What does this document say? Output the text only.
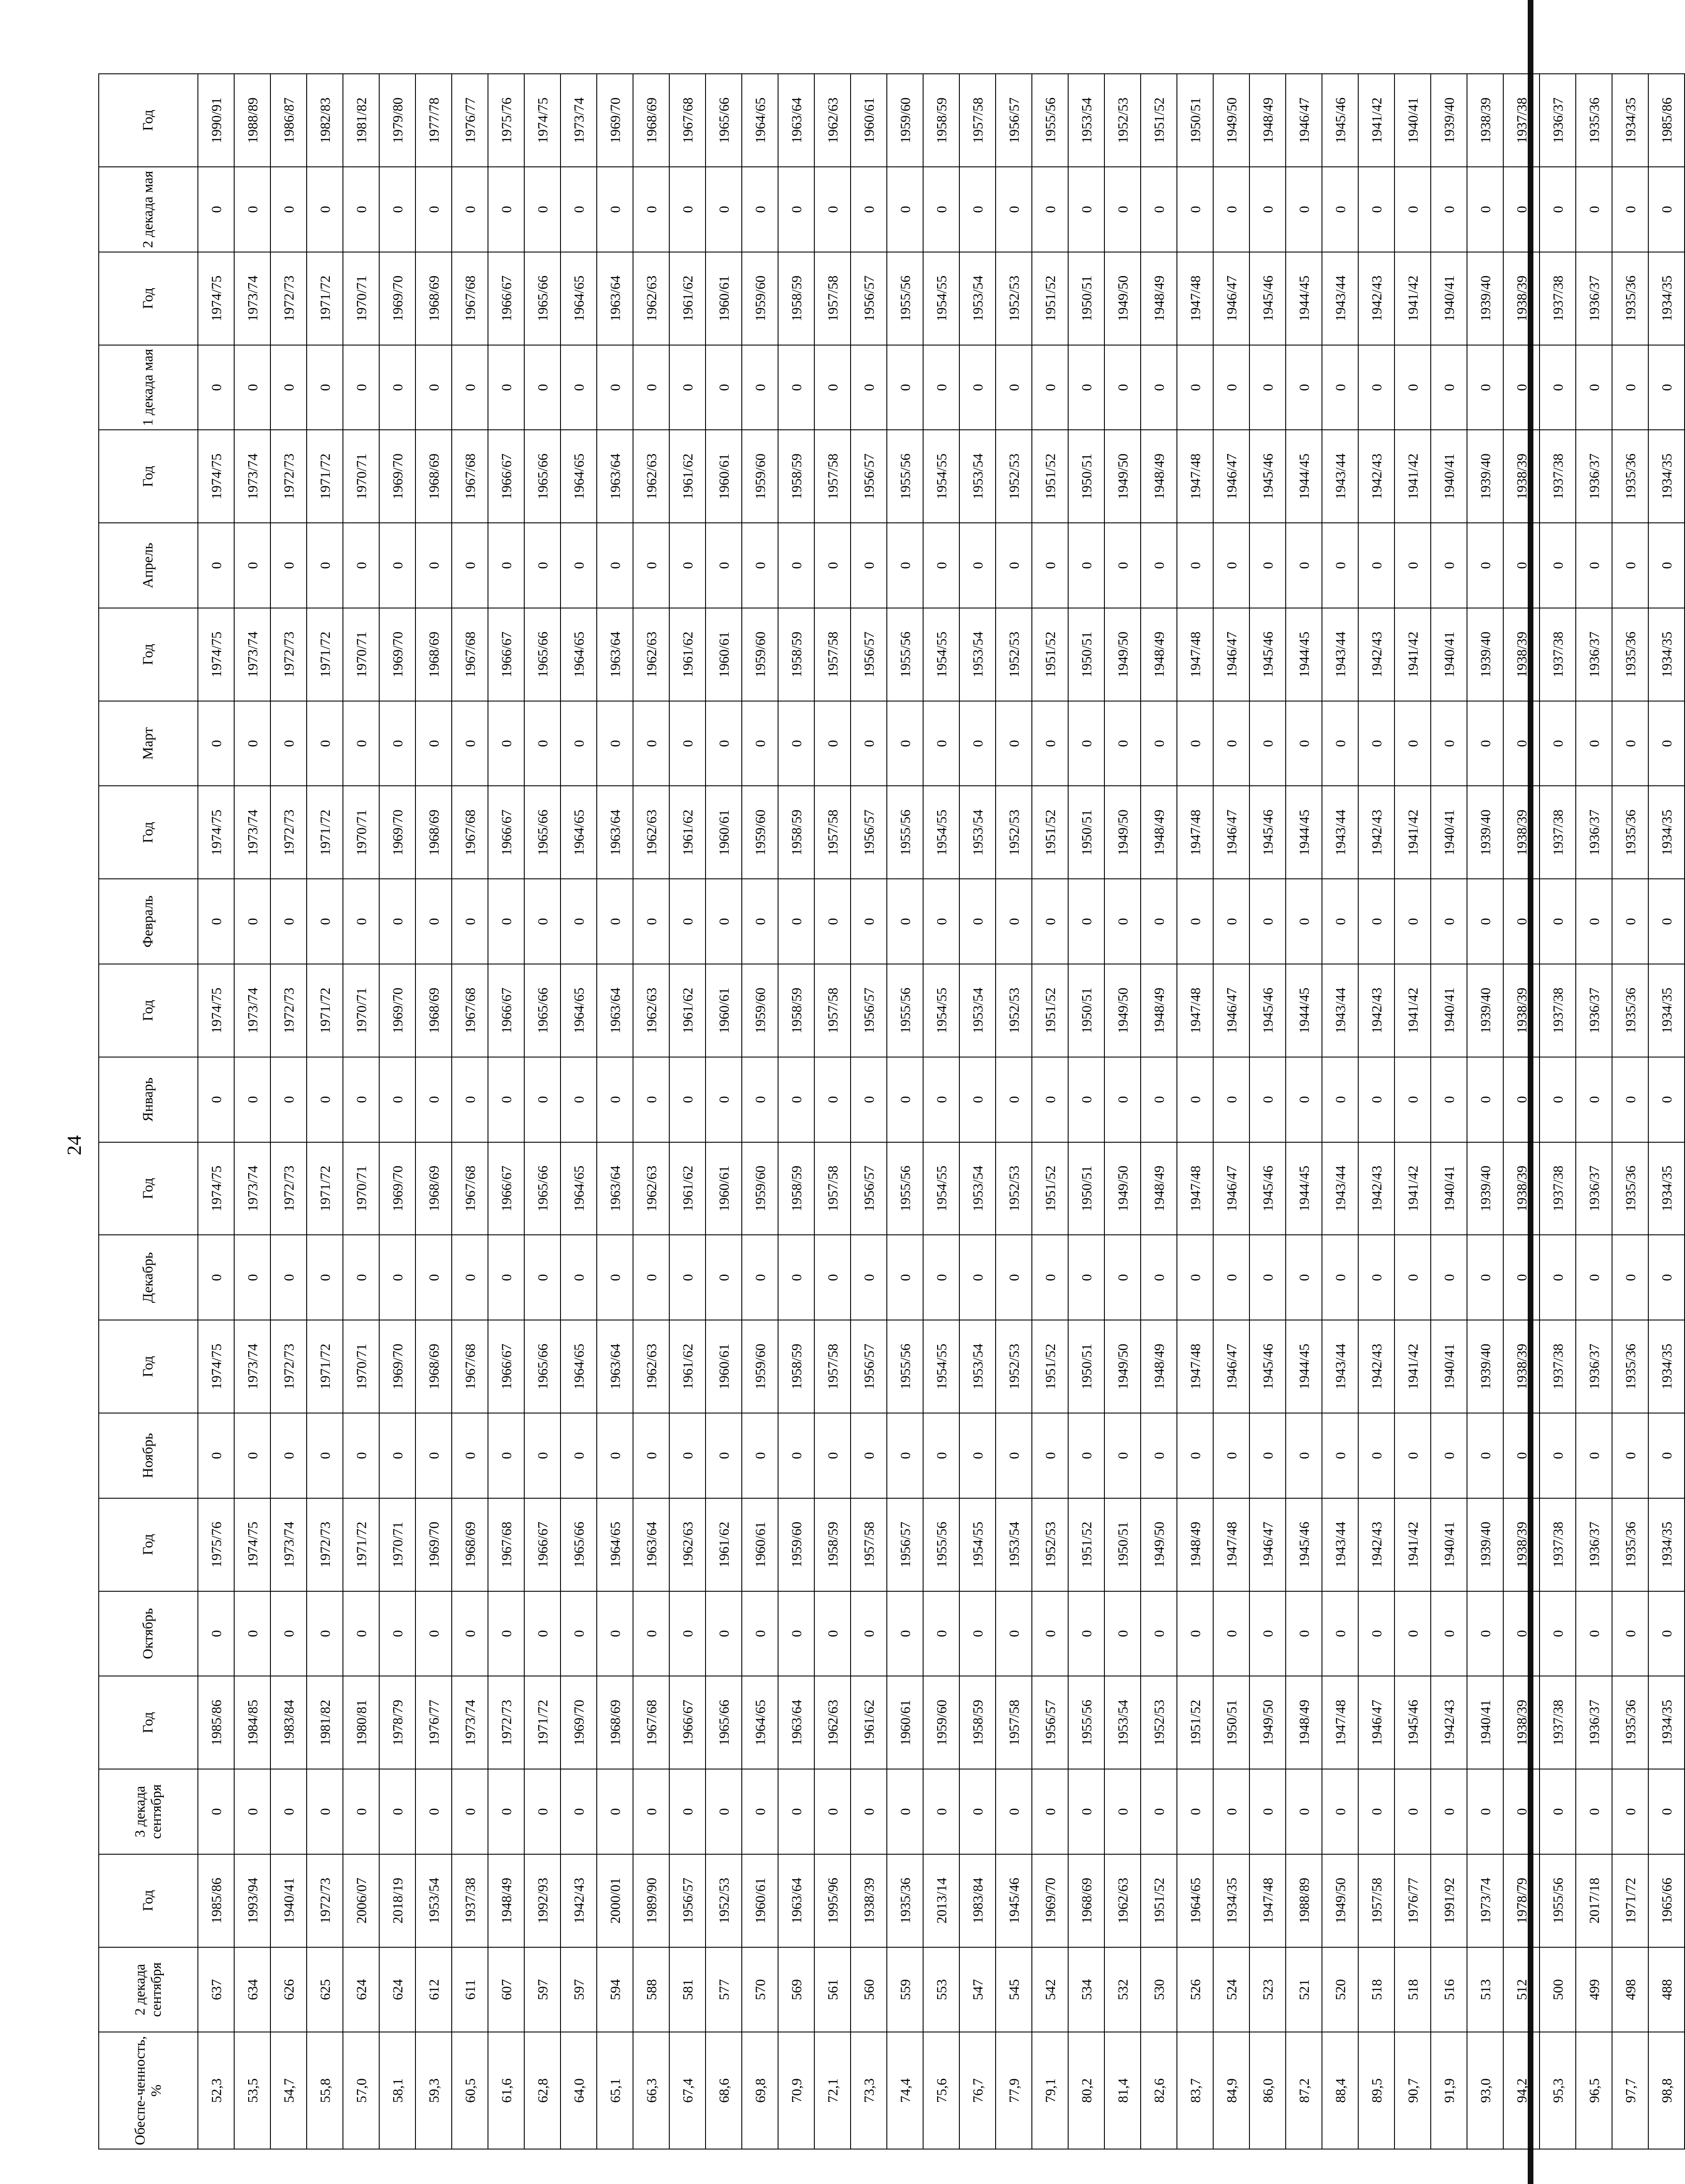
24
Обеспе-ченность, %	2 декада сентября	Год	3 декада сентября	Год	Октябрь	Год	Ноябрь	Год	Декабрь	Год	Январь	Год	Февраль	Год	Март	Год	Апрель	Год	1 декада мая	Год	2 декада мая	Год
52,3	637	1985/86	0	1985/86	0	1975/76	0	1974/75	0	1974/75	0	1974/75	0	1974/75	0	1974/75	0	1974/75	0	1974/75	0	1990/91
53,5	634	1993/94	0	1984/85	0	1974/75	0	1973/74	0	1973/74	0	1973/74	0	1973/74	0	1973/74	0	1973/74	0	1973/74	0	1988/89
54,7	626	1940/41	0	1983/84	0	1973/74	0	1972/73	0	1972/73	0	1972/73	0	1972/73	0	1972/73	0	1972/73	0	1972/73	0	1986/87
55,8	625	1972/73	0	1981/82	0	1972/73	0	1971/72	0	1971/72	0	1971/72	0	1971/72	0	1971/72	0	1971/72	0	1971/72	0	1982/83
57,0	624	2006/07	0	1980/81	0	1971/72	0	1970/71	0	1970/71	0	1970/71	0	1970/71	0	1970/71	0	1970/71	0	1970/71	0	1981/82
58,1	624	2018/19	0	1978/79	0	1970/71	0	1969/70	0	1969/70	0	1969/70	0	1969/70	0	1969/70	0	1969/70	0	1969/70	0	1979/80
59,3	612	1953/54	0	1976/77	0	1969/70	0	1968/69	0	1968/69	0	1968/69	0	1968/69	0	1968/69	0	1968/69	0	1968/69	0	1977/78
60,5	611	1937/38	0	1973/74	0	1968/69	0	1967/68	0	1967/68	0	1967/68	0	1967/68	0	1967/68	0	1967/68	0	1967/68	0	1976/77
61,6	607	1948/49	0	1972/73	0	1967/68	0	1966/67	0	1966/67	0	1966/67	0	1966/67	0	1966/67	0	1966/67	0	1966/67	0	1975/76
62,8	597	1992/93	0	1971/72	0	1966/67	0	1965/66	0	1965/66	0	1965/66	0	1965/66	0	1965/66	0	1965/66	0	1965/66	0	1974/75
64,0	597	1942/43	0	1969/70	0	1965/66	0	1964/65	0	1964/65	0	1964/65	0	1964/65	0	1964/65	0	1964/65	0	1964/65	0	1973/74
65,1	594	2000/01	0	1968/69	0	1964/65	0	1963/64	0	1963/64	0	1963/64	0	1963/64	0	1963/64	0	1963/64	0	1963/64	0	1969/70
66,3	588	1989/90	0	1967/68	0	1963/64	0	1962/63	0	1962/63	0	1962/63	0	1962/63	0	1962/63	0	1962/63	0	1962/63	0	1968/69
67,4	581	1956/57	0	1966/67	0	1962/63	0	1961/62	0	1961/62	0	1961/62	0	1961/62	0	1961/62	0	1961/62	0	1961/62	0	1967/68
68,6	577	1952/53	0	1965/66	0	1961/62	0	1960/61	0	1960/61	0	1960/61	0	1960/61	0	1960/61	0	1960/61	0	1960/61	0	1965/66
69,8	570	1960/61	0	1964/65	0	1960/61	0	1959/60	0	1959/60	0	1959/60	0	1959/60	0	1959/60	0	1959/60	0	1959/60	0	1964/65
70,9	569	1963/64	0	1963/64	0	1959/60	0	1958/59	0	1958/59	0	1958/59	0	1958/59	0	1958/59	0	1958/59	0	1958/59	0	1963/64
72,1	561	1995/96	0	1962/63	0	1958/59	0	1957/58	0	1957/58	0	1957/58	0	1957/58	0	1957/58	0	1957/58	0	1957/58	0	1962/63
73,3	560	1938/39	0	1961/62	0	1957/58	0	1956/57	0	1956/57	0	1956/57	0	1956/57	0	1956/57	0	1956/57	0	1956/57	0	1960/61
74,4	559	1935/36	0	1960/61	0	1956/57	0	1955/56	0	1955/56	0	1955/56	0	1955/56	0	1955/56	0	1955/56	0	1955/56	0	1959/60
75,6	553	2013/14	0	1959/60	0	1955/56	0	1954/55	0	1954/55	0	1954/55	0	1954/55	0	1954/55	0	1954/55	0	1954/55	0	1958/59
76,7	547	1983/84	0	1958/59	0	1954/55	0	1953/54	0	1953/54	0	1953/54	0	1953/54	0	1953/54	0	1953/54	0	1953/54	0	1957/58
77,9	545	1945/46	0	1957/58	0	1953/54	0	1952/53	0	1952/53	0	1952/53	0	1952/53	0	1952/53	0	1952/53	0	1952/53	0	1956/57
79,1	542	1969/70	0	1956/57	0	1952/53	0	1951/52	0	1951/52	0	1951/52	0	1951/52	0	1951/52	0	1951/52	0	1951/52	0	1955/56
80,2	534	1968/69	0	1955/56	0	1951/52	0	1950/51	0	1950/51	0	1950/51	0	1950/51	0	1950/51	0	1950/51	0	1950/51	0	1953/54
81,4	532	1962/63	0	1953/54	0	1950/51	0	1949/50	0	1949/50	0	1949/50	0	1949/50	0	1949/50	0	1949/50	0	1949/50	0	1952/53
82,6	530	1951/52	0	1952/53	0	1949/50	0	1948/49	0	1948/49	0	1948/49	0	1948/49	0	1948/49	0	1948/49	0	1948/49	0	1951/52
83,7	526	1964/65	0	1951/52	0	1948/49	0	1947/48	0	1947/48	0	1947/48	0	1947/48	0	1947/48	0	1947/48	0	1947/48	0	1950/51
84,9	524	1934/35	0	1950/51	0	1947/48	0	1946/47	0	1946/47	0	1946/47	0	1946/47	0	1946/47	0	1946/47	0	1946/47	0	1949/50
86,0	523	1947/48	0	1949/50	0	1946/47	0	1945/46	0	1945/46	0	1945/46	0	1945/46	0	1945/46	0	1945/46	0	1945/46	0	1948/49
87,2	521	1988/89	0	1948/49	0	1945/46	0	1944/45	0	1944/45	0	1944/45	0	1944/45	0	1944/45	0	1944/45	0	1944/45	0	1946/47
88,4	520	1949/50	0	1947/48	0	1943/44	0	1943/44	0	1943/44	0	1943/44	0	1943/44	0	1943/44	0	1943/44	0	1943/44	0	1945/46
89,5	518	1957/58	0	1946/47	0	1942/43	0	1942/43	0	1942/43	0	1942/43	0	1942/43	0	1942/43	0	1942/43	0	1942/43	0	1941/42
90,7	518	1976/77	0	1945/46	0	1941/42	0	1941/42	0	1941/42	0	1941/42	0	1941/42	0	1941/42	0	1941/42	0	1941/42	0	1940/41
91,9	516	1991/92	0	1942/43	0	1940/41	0	1940/41	0	1940/41	0	1940/41	0	1940/41	0	1940/41	0	1940/41	0	1940/41	0	1939/40
93,0	513	1973/74	0	1940/41	0	1939/40	0	1939/40	0	1939/40	0	1939/40	0	1939/40	0	1939/40	0	1939/40	0	1939/40	0	1938/39
94,2	512	1978/79	0	1938/39	0	1938/39	0	1938/39	0	1938/39	0	1938/39	0	1938/39	0	1938/39	0	1938/39	0	1938/39	0	1937/38
95,3	500	1955/56	0	1937/38	0	1937/38	0	1937/38	0	1937/38	0	1937/38	0	1937/38	0	1937/38	0	1937/38	0	1937/38	0	1936/37
96,5	499	2017/18	0	1936/37	0	1936/37	0	1936/37	0	1936/37	0	1936/37	0	1936/37	0	1936/37	0	1936/37	0	1936/37	0	1935/36
97,7	498	1971/72	0	1935/36	0	1935/36	0	1935/36	0	1935/36	0	1935/36	0	1935/36	0	1935/36	0	1935/36	0	1935/36	0	1934/35
98,8	488	1965/66	0	1934/35	0	1934/35	0	1934/35	0	1934/35	0	1934/35	0	1934/35	0	1934/35	0	1934/35	0	1934/35	0	1985/86
